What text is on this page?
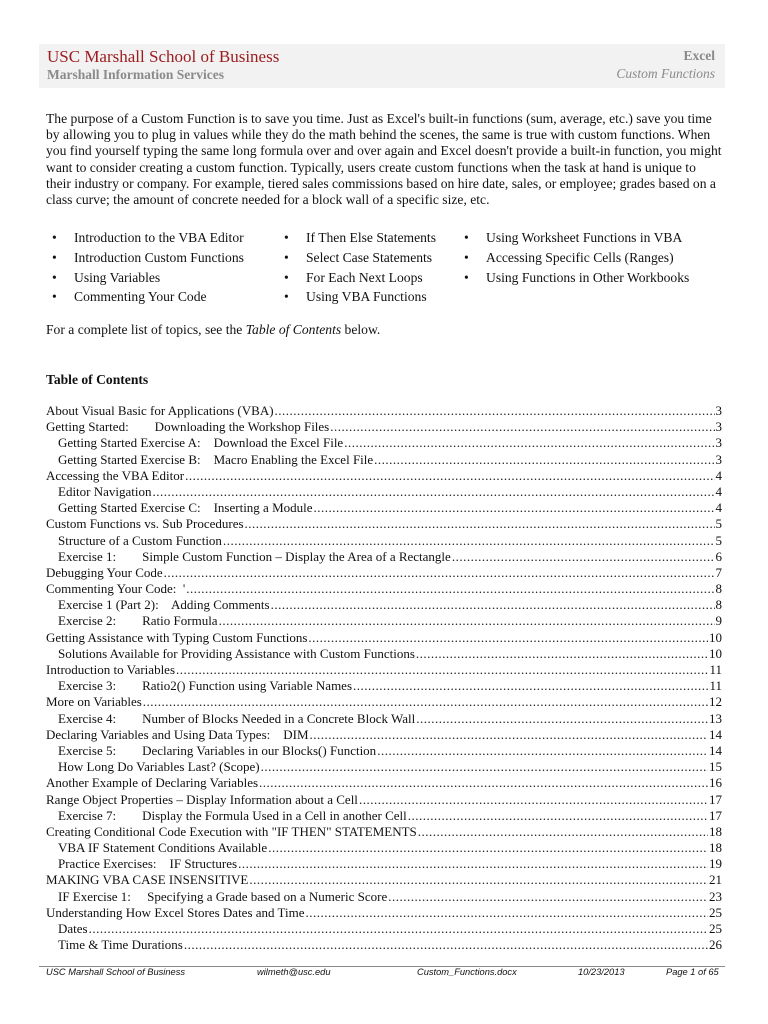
USC Marshall School of Business
Marshall Information Services
Excel
Custom Functions

The purpose of a Custom Function is to save you time. Just as Excel's built-in functions (sum, average, etc.) save you time by allowing you to plug in values while they do the math behind the scenes, the same is true with custom functions. When you find yourself typing the same long formula over and over again and Excel doesn't provide a built-in function, you might want to consider creating a custom function. Typically, users create custom functions when the task at hand is unique to their industry or company. For example, tiered sales commissions based on hire date, sales, or employee; grades based on a class curve; the amount of concrete needed for a block wall of a specific size, etc.

• Introduction to the VBA Editor
• Introduction Custom Functions
• Using Variables
• Commenting Your Code
• If Then Else Statements
• Select Case Statements
• For Each Next Loops
• Using VBA Functions
• Using Worksheet Functions in VBA
• Accessing Specific Cells (Ranges)
• Using Functions in Other Workbooks

For a complete list of topics, see the Table of Contents below.

Table of Contents

About Visual Basic for Applications (VBA) .....	3
Getting Started:        Downloading the Workshop Files .....	3
Getting Started Exercise A:    Download the Excel File .....	3
Getting Started Exercise B:    Macro Enabling the Excel File .....	3
Accessing the VBA Editor .....	4
Editor Navigation .....	4
Getting Started Exercise C:    Inserting a Module .....	4
Custom Functions vs. Sub Procedures .....	5
Structure of a Custom Function .....	5
Exercise 1:        Simple Custom Function – Display the Area of a Rectangle .....	6
Debugging Your Code .....	7
Commenting Your Code:  ' .....	8
Exercise 1 (Part 2):    Adding Comments .....	8
Exercise 2:        Ratio Formula .....	9
Getting Assistance with Typing Custom Functions .....	10
Solutions Available for Providing Assistance with Custom Functions .....	10
Introduction to Variables .....	11
Exercise 3:        Ratio2() Function using Variable Names .....	11
More on Variables .....	12
Exercise 4:        Number of Blocks Needed in a Concrete Block Wall .....	13
Declaring Variables and Using Data Types:    DIM .....	14
Exercise 5:        Declaring Variables in our Blocks() Function .....	14
How Long Do Variables Last? (Scope) .....	15
Another Example of Declaring Variables .....	16
Range Object Properties – Display Information about a Cell .....	17
Exercise 7:        Display the Formula Used in a Cell in another Cell .....	17
Creating Conditional Code Execution with "IF THEN" STATEMENTS .....	18
VBA IF Statement Conditions Available .....	18
Practice Exercises:    IF Structures .....	19
MAKING VBA CASE INSENSITIVE .....	21
IF Exercise 1:     Specifying a Grade based on a Numeric Score .....	23
Understanding How Excel Stores Dates and Time .....	25
Dates .....	25
Time & Time Durations .....	26
USC Marshall School of Business	wilmeth@usc.edu	Custom_Functions.docx	10/23/2013	Page 1 of 65
